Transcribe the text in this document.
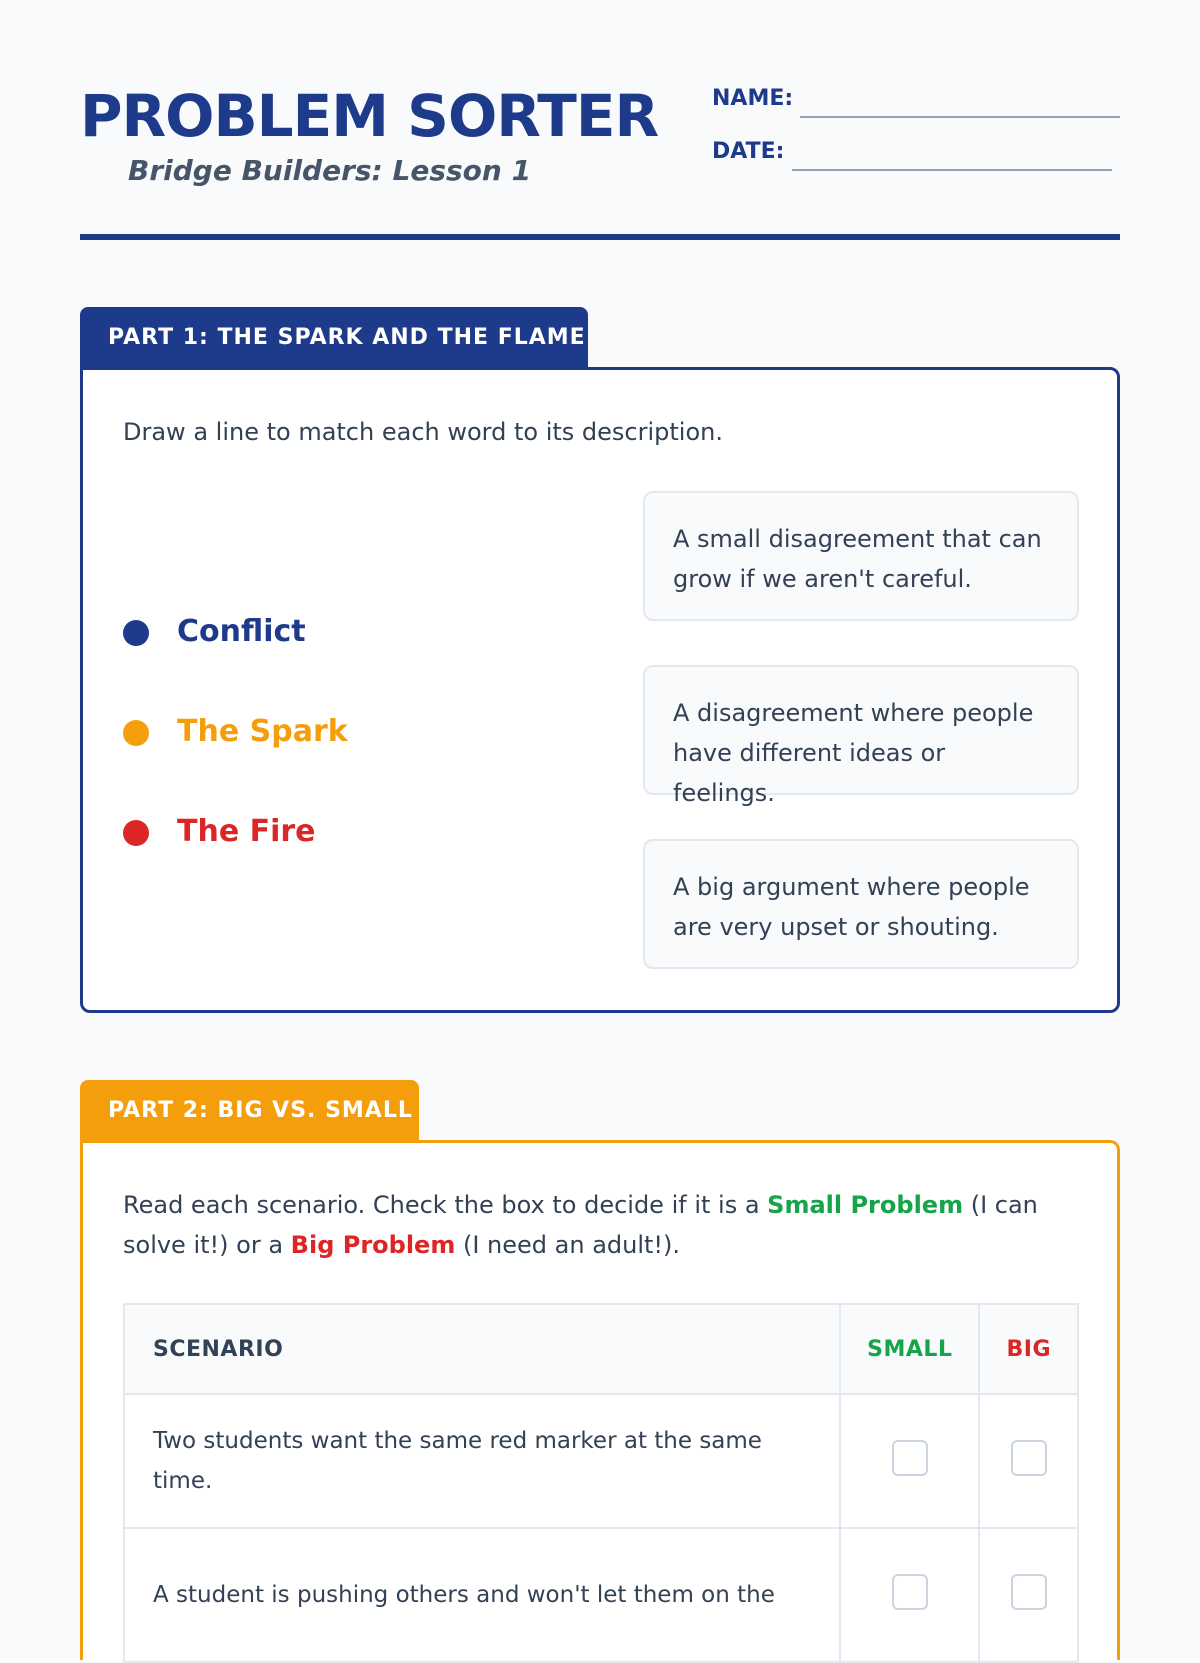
PROBLEM SORTER
Bridge Builders: Lesson 1
NAME:
DATE:
PART 1: THE SPARK AND THE FLAME
Draw a line to match each word to its description.
Conflict
The Spark
The Fire
A small disagreement that can grow if we aren't careful.
A disagreement where people have different ideas or feelings.
A big argument where people are very upset or shouting.
PART 2: BIG VS. SMALL
Read each scenario. Check the box to decide if it is a Small Problem (I can solve it!) or a Big Problem (I need an adult!).
SCENARIO	SMALL	BIG
Two students want the same red marker at the same time.		
A student is pushing others and won't let them on the		
